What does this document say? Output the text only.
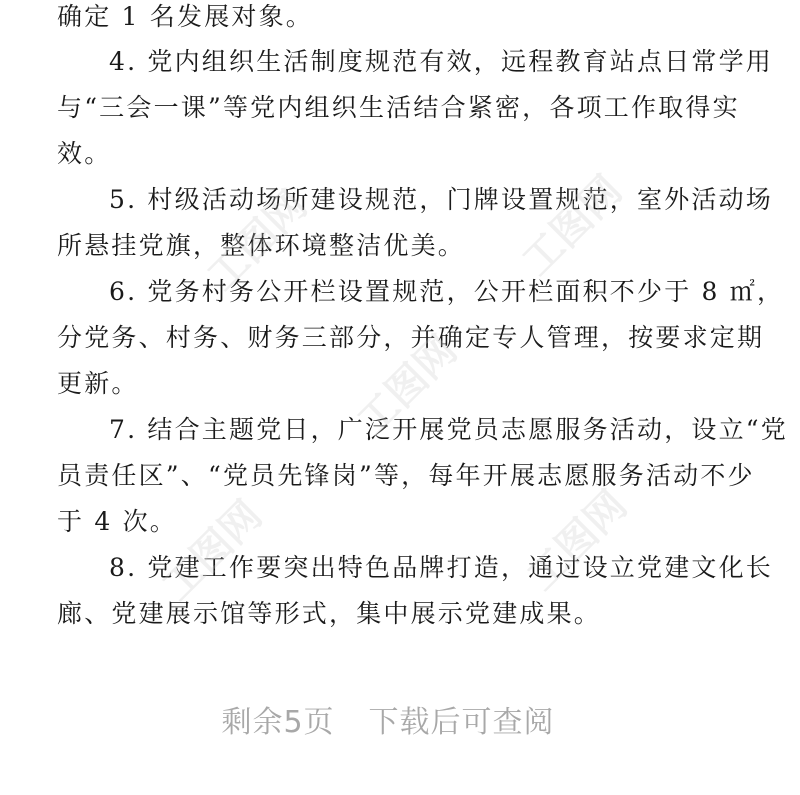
确定 1 名发展对象。
4. 党内组织生活制度规范有效，远程教育站点日常学用
与“三会一课”等党内组织生活结合紧密，各项工作取得实
效。
5. 村级活动场所建设规范，门牌设置规范，室外活动场
所悬挂党旗，整体环境整洁优美。
6. 党务村务公开栏设置规范，公开栏面积不少于 8 ㎡，
分党务、村务、财务三部分，并确定专人管理，按要求定期
更新。
7. 结合主题党日，广泛开展党员志愿服务活动，设立“党
员责任区”、“党员先锋岗”等，每年开展志愿服务活动不少
于 4 次。
8. 党建工作要突出特色品牌打造，通过设立党建文化长
廊、党建展示馆等形式，集中展示党建成果。
工图网	工图网
工图网
工图网	工图网
剩余5页 下载后可查阅
